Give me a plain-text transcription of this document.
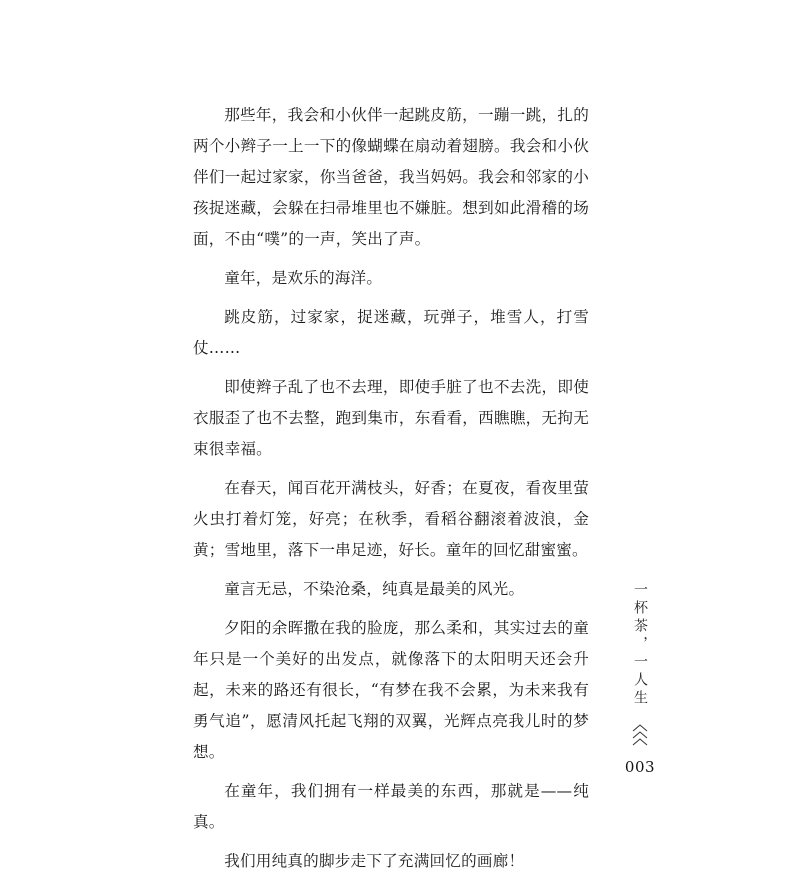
那些年，我会和小伙伴一起跳皮筋，一蹦一跳，扎的两个小辫子一上一下的像蝴蝶在扇动着翅膀。我会和小伙伴们一起过家家，你当爸爸，我当妈妈。我会和邻家的小孩捉迷藏，会躲在扫帚堆里也不嫌脏。想到如此滑稽的场面，不由“噗”的一声，笑出了声。

童年，是欢乐的海洋。

跳皮筋，过家家，捉迷藏，玩弹子，堆雪人，打雪仗……

即使辫子乱了也不去理，即使手脏了也不去洗，即使衣服歪了也不去整，跑到集市，东看看，西瞧瞧，无拘无束很幸福。

在春天，闻百花开满枝头，好香；在夏夜，看夜里萤火虫打着灯笼，好亮；在秋季，看稻谷翻滚着波浪，金黄；雪地里，落下一串足迹，好长。童年的回忆甜蜜蜜。

童言无忌，不染沧桑，纯真是最美的风光。

夕阳的余晖撒在我的脸庞，那么柔和，其实过去的童年只是一个美好的出发点，就像落下的太阳明天还会升起，未来的路还有很长，“有梦在我不会累，为未来我有勇气追”，愿清风托起飞翔的双翼，光辉点亮我儿时的梦想。

在童年，我们拥有一样最美的东西，那就是——纯真。

我们用纯真的脚步走下了充满回忆的画廊！

一杯茶，一人生
003
